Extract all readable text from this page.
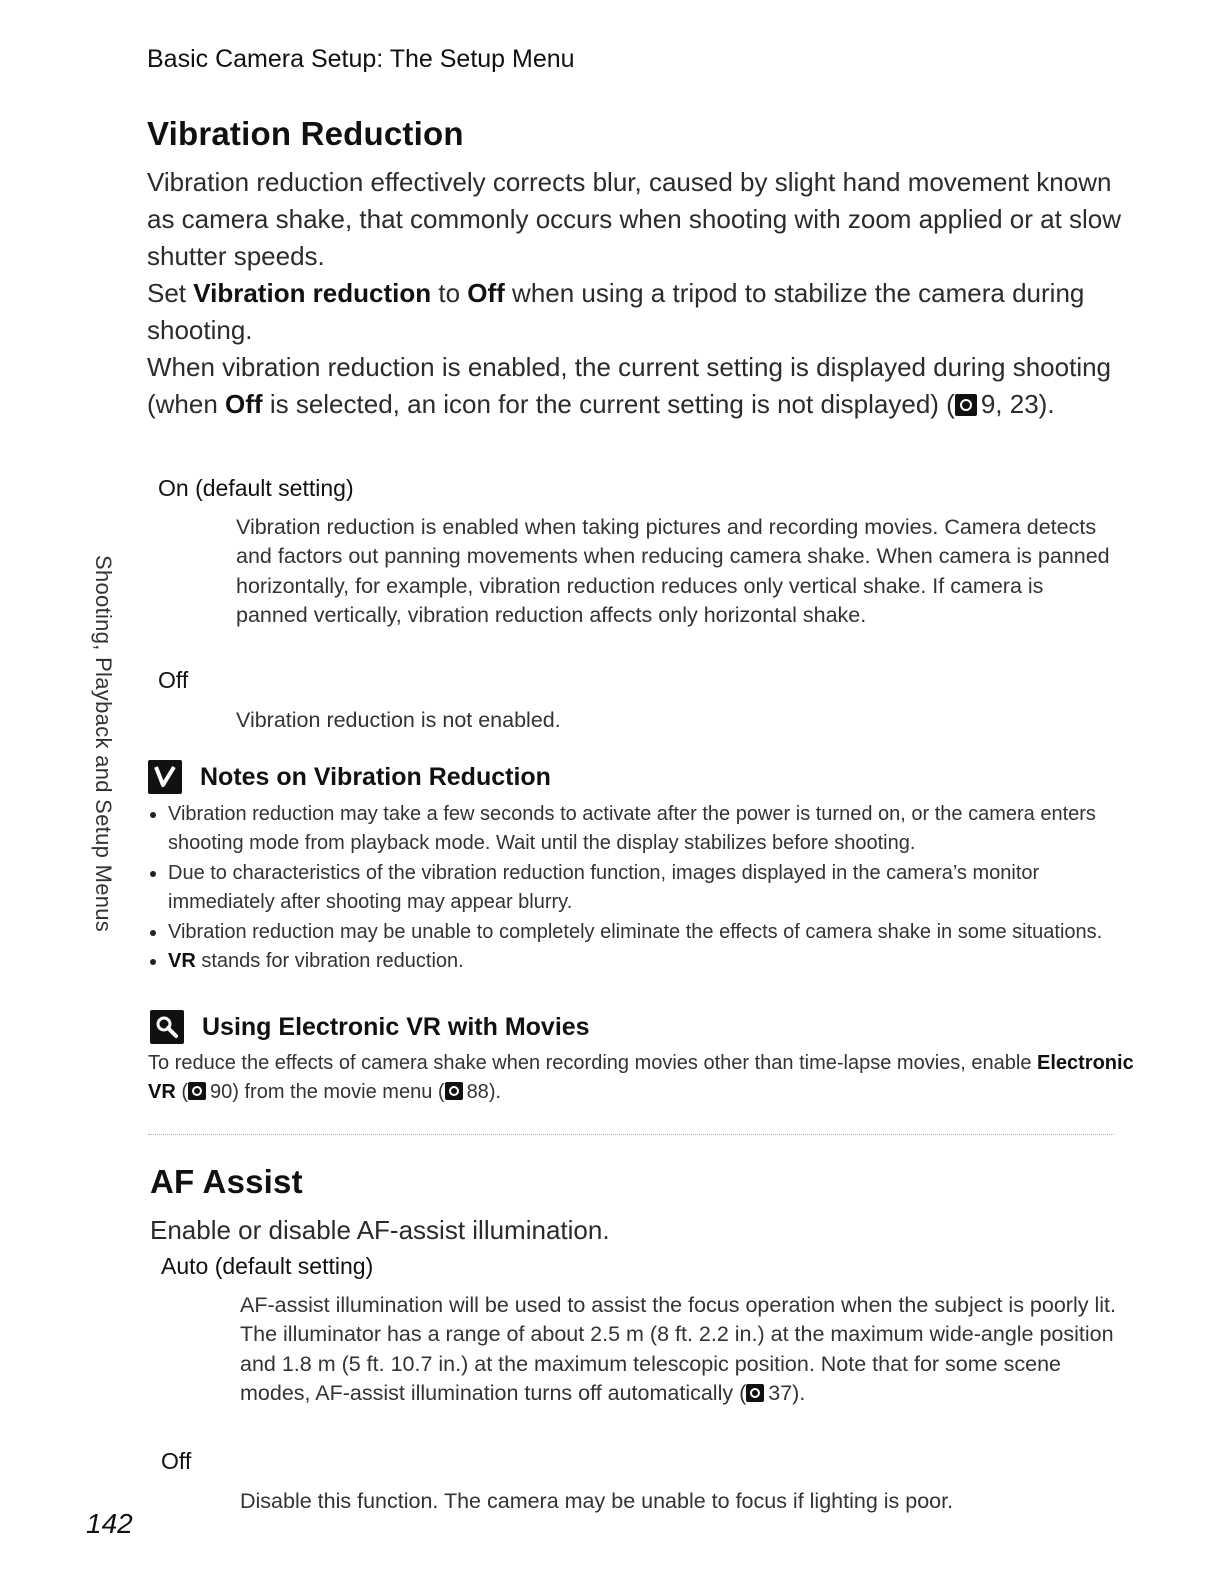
Basic Camera Setup: The Setup Menu
Shooting, Playback and Setup Menus
Vibration Reduction
Vibration reduction effectively corrects blur, caused by slight hand movement known as camera shake, that commonly occurs when shooting with zoom applied or at slow shutter speeds.
Set Vibration reduction to Off when using a tripod to stabilize the camera during shooting.
When vibration reduction is enabled, the current setting is displayed during shooting (when Off is selected, an icon for the current setting is not displayed) ( 9, 23).
On (default setting)
Vibration reduction is enabled when taking pictures and recording movies. Camera detects and factors out panning movements when reducing camera shake. When camera is panned horizontally, for example, vibration reduction reduces only vertical shake. If camera is panned vertically, vibration reduction affects only horizontal shake.
Off
Vibration reduction is not enabled.
Notes on Vibration Reduction
Vibration reduction may take a few seconds to activate after the power is turned on, or the camera enters shooting mode from playback mode. Wait until the display stabilizes before shooting.
Due to characteristics of the vibration reduction function, images displayed in the camera’s monitor immediately after shooting may appear blurry.
Vibration reduction may be unable to completely eliminate the effects of camera shake in some situations.
VR stands for vibration reduction.
Using Electronic VR with Movies
To reduce the effects of camera shake when recording movies other than time-lapse movies, enable Electronic VR ( 90) from the movie menu ( 88).
AF Assist
Enable or disable AF-assist illumination.
Auto (default setting)
AF-assist illumination will be used to assist the focus operation when the subject is poorly lit. The illuminator has a range of about 2.5 m (8 ft. 2.2 in.) at the maximum wide-angle position and 1.8 m (5 ft. 10.7 in.) at the maximum telescopic position. Note that for some scene modes, AF-assist illumination turns off automatically ( 37).
Off
Disable this function. The camera may be unable to focus if lighting is poor.
142
